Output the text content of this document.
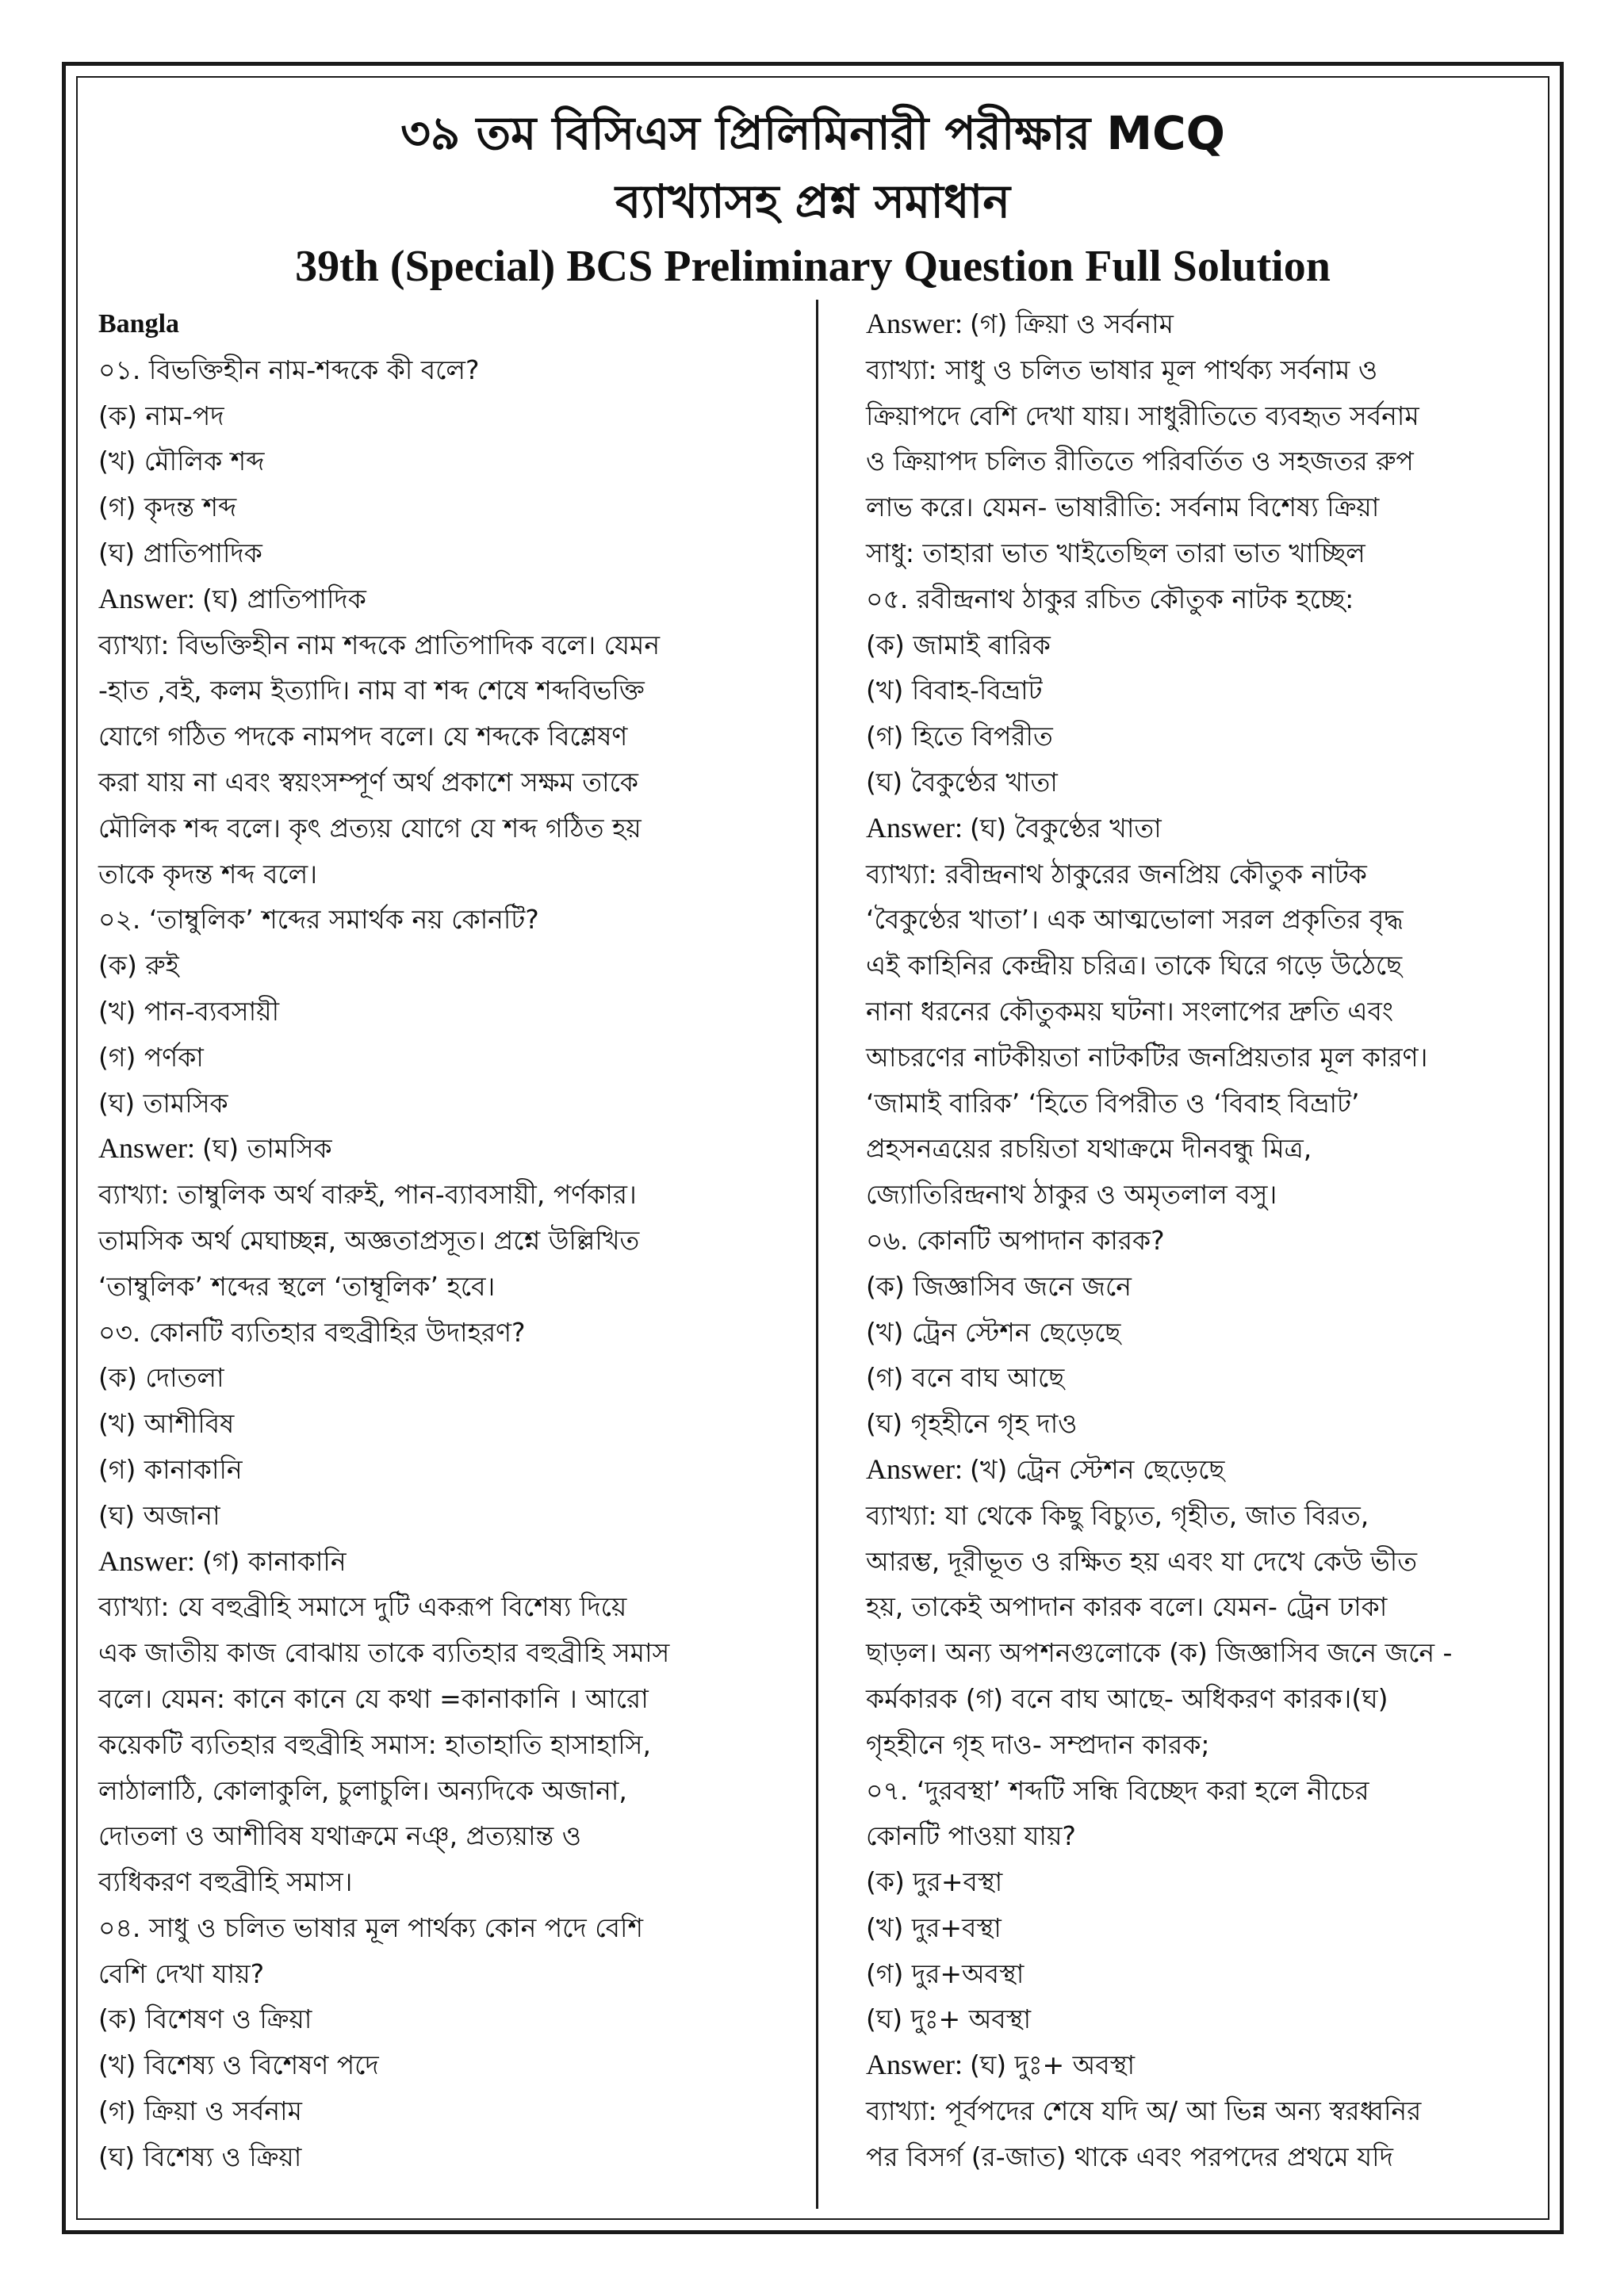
৩৯ তম বিসিএস প্রিলিমিনারী পরীক্ষার MCQ
ব্যাখ্যাসহ প্রশ্ন সমাধান
39th (Special) BCS Preliminary Question Full Solution
Bangla
০১. বিভক্তিহীন নাম-শব্দকে কী বলে?
(ক) নাম-পদ
(খ) মৌলিক শব্দ
(গ) কৃদন্ত শব্দ
(ঘ) প্রাতিপাদিক
Answer: (ঘ) প্রাতিপাদিক
ব্যাখ্যা: বিভক্তিহীন নাম শব্দকে প্রাতিপাদিক বলে। যেমন
-হাত ,বই, কলম ইত্যাদি। নাম বা শব্দ শেষে শব্দবিভক্তি
যোগে গঠিত পদকে নামপদ বলে। যে শব্দকে বিশ্লেষণ
করা যায় না এবং স্বয়ংসম্পূর্ণ অর্থ প্রকাশে সক্ষম তাকে
মৌলিক শব্দ বলে। কৃৎ প্রত্যয় যোগে যে শব্দ গঠিত হয়
তাকে কৃদন্ত শব্দ বলে।
০২. ‘তাম্বুলিক’ শব্দের সমার্থক নয় কোনটি?
(ক) রুই
(খ) পান-ব্যবসায়ী
(গ) পর্ণকা
(ঘ) তামসিক
Answer: (ঘ) তামসিক
ব্যাখ্যা: তাম্বুলিক অর্থ বারুই, পান-ব্যাবসায়ী, পর্ণকার।
তামসিক অর্থ মেঘাচ্ছন্ন, অজ্ঞতাপ্রসূত। প্রশ্নে উল্লিখিত
‘তাম্বুলিক’ শব্দের স্থলে ‘তাম্বূলিক’ হবে।
০৩. কোনটি ব্যতিহার বহুব্রীহির উদাহরণ?
(ক) দোতলা
(খ) আশীবিষ
(গ) কানাকানি
(ঘ) অজানা
Answer: (গ) কানাকানি
ব্যাখ্যা: যে বহুব্রীহি সমাসে দুটি একরূপ বিশেষ্য দিয়ে
এক জাতীয় কাজ বোঝায় তাকে ব্যতিহার বহুব্রীহি সমাস
বলে। যেমন: কানে কানে যে কথা =কানাকানি । আরো
কয়েকটি ব্যতিহার বহুব্রীহি সমাস: হাতাহাতি হাসাহাসি,
লাঠালাঠি, কোলাকুলি, চুলাচুলি। অন্যদিকে অজানা,
দোতলা ও আশীবিষ যথাক্রমে নঞ্, প্রত্যয়ান্ত ও
ব্যধিকরণ বহুব্রীহি সমাস।
০৪. সাধু ও চলিত ভাষার মূল পার্থক্য কোন পদে বেশি
বেশি দেখা যায়?
(ক) বিশেষণ ও ক্রিয়া
(খ) বিশেষ্য ও বিশেষণ পদে
(গ) ক্রিয়া ও সর্বনাম
(ঘ) বিশেষ্য ও ক্রিয়া
Answer: (গ) ক্রিয়া ও সর্বনাম
ব্যাখ্যা: সাধু ও চলিত ভাষার মূল পার্থক্য সর্বনাম ও
ক্রিয়াপদে বেশি দেখা যায়। সাধুরীতিতে ব্যবহৃত সর্বনাম
ও ক্রিয়াপদ চলিত রীতিতে পরিবর্তিত ও সহজতর রুপ
লাভ করে। যেমন- ভাষারীতি: সর্বনাম বিশেষ্য ক্রিয়া
সাধু: তাহারা ভাত খাইতেছিল তারা ভাত খাচ্ছিল
০৫. রবীন্দ্রনাথ ঠাকুর রচিত কৌতুক নাটক হচ্ছে:
(ক) জামাই ৰারিক
(খ) বিবাহ-বিভ্রাট
(গ) হিতে বিপরীত
(ঘ) বৈকুণ্ঠের খাতা
Answer: (ঘ) বৈকুণ্ঠের খাতা
ব্যাখ্যা: রবীন্দ্রনাথ ঠাকুরের জনপ্রিয় কৌতুক নাটক
‘বৈকুণ্ঠের খাতা’। এক আত্মভোলা সরল প্রকৃতির বৃদ্ধ
এই কাহিনির কেন্দ্রীয় চরিত্র। তাকে ঘিরে গড়ে উঠেছে
নানা ধরনের কৌতুকময় ঘটনা। সংলাপের দ্রুতি এবং
আচরণের নাটকীয়তা নাটকটির জনপ্রিয়তার মূল কারণ।
‘জামাই বারিক’ ‘হিতে বিপরীত ও ‘বিবাহ বিভ্রাট’
প্রহসনত্রয়ের রচয়িতা যথাক্রমে দীনবন্ধু মিত্র,
জ্যোতিরিন্দ্রনাথ ঠাকুর ও অমৃতলাল বসু।
০৬. কোনটি অপাদান কারক?
(ক) জিজ্ঞাসিব জনে জনে
(খ) ট্রেন স্টেশন ছেড়েছে
(গ) বনে বাঘ আছে
(ঘ) গৃহহীনে গৃহ দাও
Answer: (খ) ট্রেন স্টেশন ছেড়েছে
ব্যাখ্যা: যা থেকে কিছু বিচ্যুত, গৃহীত, জাত বিরত,
আরম্ভ, দূরীভূত ও রক্ষিত হয় এবং যা দেখে কেউ ভীত
হয়, তাকেই অপাদান কারক বলে। যেমন- ট্রেন ঢাকা
ছাড়ল। অন্য অপশনগুলোকে (ক) জিজ্ঞাসিব জনে জনে -
কর্মকারক (গ) বনে বাঘ আছে- অধিকরণ কারক।(ঘ)
গৃহহীনে গৃহ দাও- সম্প্রদান কারক;
০৭. ‘দুরবস্থা’ শব্দটি সন্ধি বিচ্ছেদ করা হলে নীচের
কোনটি পাওয়া যায়?
(ক) দুর+বস্থা
(খ) দুর+বস্থা
(গ) দুর+অবস্থা
(ঘ) দুঃ+ অবস্থা
Answer: (ঘ) দুঃ+ অবস্থা
ব্যাখ্যা: পূর্বপদের শেষে যদি অ/ আ ভিন্ন অন্য স্বরধ্বনির
পর বিসর্গ (র-জাত) থাকে এবং পরপদের প্রথমে যদি
